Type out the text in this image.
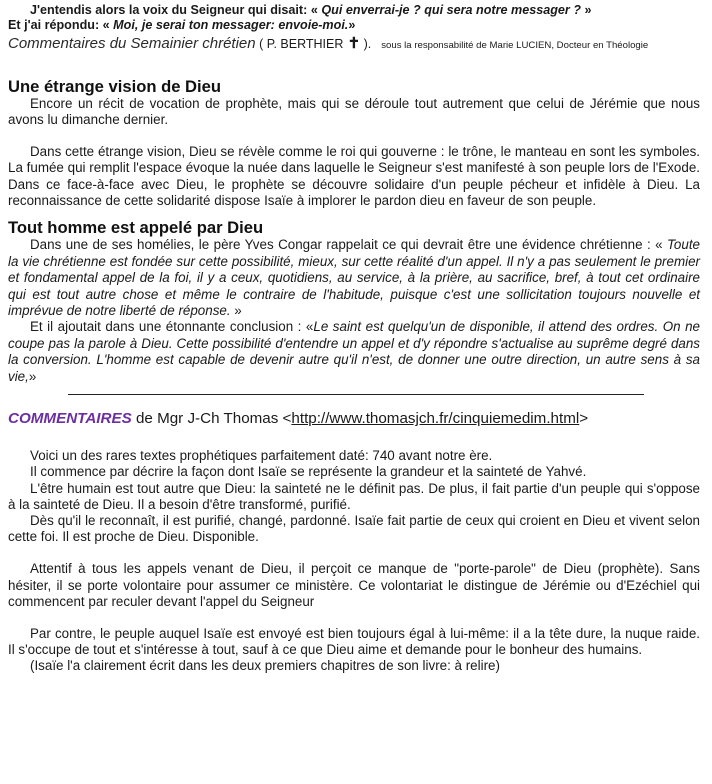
J'entendis alors la voix du Seigneur qui disait: « Qui enverrai-je ? qui sera notre messager ? »
Et j'ai répondu: « Moi, je serai ton messager: envoie-moi.»
Commentaires du Semainier chrétien ( P. BERTHIER ✝ ). sous la responsabilité de Marie LUCIEN, Docteur en Théologie
Une étrange vision de Dieu

Encore un récit de vocation de prophète, mais qui se déroule tout autrement que celui de Jérémie que nous avons lu dimanche dernier.

Dans cette étrange vision, Dieu se révèle comme le roi qui gouverne : le trône, le manteau en sont les symboles. La fumée qui remplit l'espace évoque la nuée dans laquelle le Seigneur s'est manifesté à son peuple lors de l'Exode. Dans ce face-à-face avec Dieu, le prophète se découvre solidaire d'un peuple pécheur et infidèle à Dieu. La reconnaissance de cette solidarité dispose Isaïe à implorer le pardon dieu en faveur de son peuple.

Tout homme est appelé par Dieu

Dans une de ses homélies, le père Yves Congar rappelait ce qui devrait être une évidence chrétienne : « Toute la vie chrétienne est fondée sur cette possibilité, mieux, sur cette réalité d'un appel. Il n'y a pas seulement le premier et fondamental appel de la foi, il y a ceux, quotidiens, au service, à la prière, au sacrifice, bref, à tout cet ordinaire qui est tout autre chose et même le contraire de l'habitude, puisque c'est une sollicitation toujours nouvelle et imprévue de notre liberté de réponse. »

Et il ajoutait dans une étonnante conclusion : «Le saint est quelqu'un de disponible, il attend des ordres. On ne coupe pas la parole à Dieu. Cette possibilité d'entendre un appel et d'y répondre s'actualise au suprême degré dans la conversion. L'homme est capable de devenir autre qu'il n'est, de donner une outre direction, un autre sens à sa vie,»

COMMENTAIRES de Mgr J-Ch Thomas <http://www.thomasjch.fr/cinquiemedim.html>

Voici un des rares textes prophétiques parfaitement daté: 740 avant notre ère.

Il commence par décrire la façon dont Isaïe se représente la grandeur et la sainteté de Yahvé.

L'être humain est tout autre que Dieu: la sainteté ne le définit pas. De plus, il fait partie d'un peuple qui s'oppose à la sainteté de Dieu. Il a besoin d'être transformé, purifié.

Dès qu'il le reconnaît, il est purifié, changé, pardonné. Isaïe fait partie de ceux qui croient en Dieu et vivent selon cette foi. Il est proche de Dieu. Disponible.

Attentif à tous les appels venant de Dieu, il perçoit ce manque de "porte-parole" de Dieu (prophète). Sans hésiter, il se porte volontaire pour assumer ce ministère. Ce volontariat le distingue de Jérémie ou d'Ezéchiel qui commencent par reculer devant l'appel du Seigneur

Par contre, le peuple auquel Isaïe est envoyé est bien toujours égal à lui-même: il a la tête dure, la nuque raide. Il s'occupe de tout et s'intéresse à tout, sauf à ce que Dieu aime et demande pour le bonheur des humains.

(Isaïe l'a clairement écrit dans les deux premiers chapitres de son livre: à relire)
